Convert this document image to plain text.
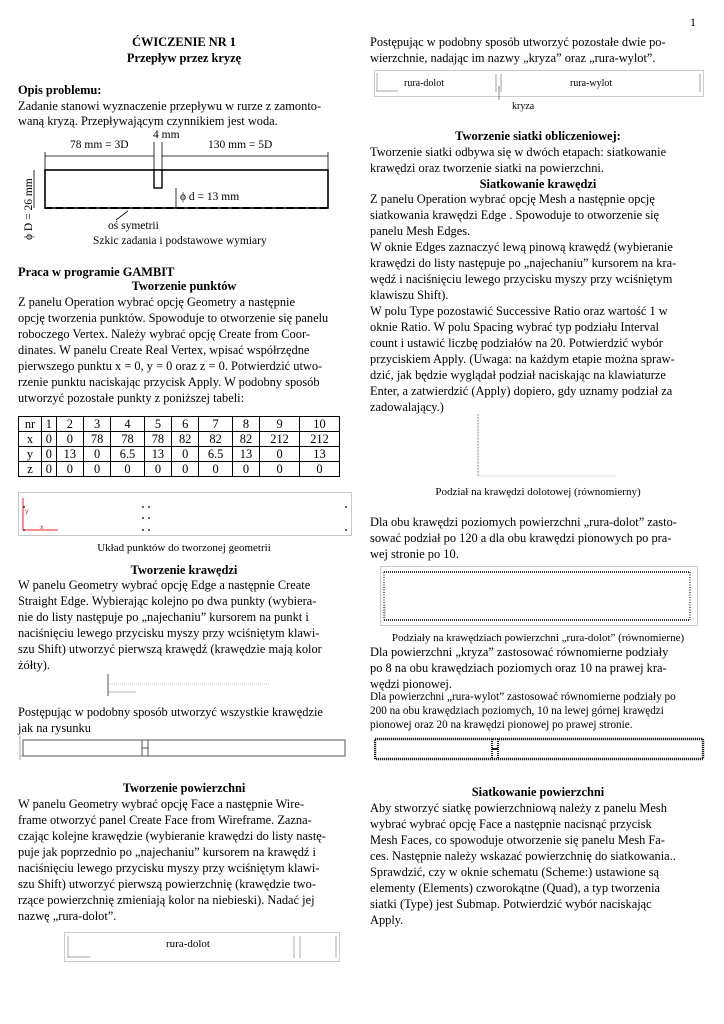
1

ĆWICZENIE NR 1

Przepływ przez kryzę

Opis problemu:

Zadanie stanowi wyznaczenie przepływu w rurze z zamonto-

waną kryzą. Przepływającym czynnikiem jest woda.

4 mm
78 mm = 3D	130 mm = 5D
ϕ D = 26 mm	ϕ d = 13 mm
oś symetrii
Szkic zadania i podstawowe wymiary

Praca w programie GAMBIT

Tworzenie punktów

Z panelu Operation wybrać opcję Geometry a następnie

opcję tworzenia punktów. Spowoduje to otworzenie się panelu

roboczego Vertex. Należy wybrać opcję Create from Coor-

dinates. W panelu Create Real Vertex, wpisać współrzędne

pierwszego punktu x = 0, y = 0 oraz z = 0. Potwierdzić utwo-

rzenie punktu naciskając przycisk Apply. W podobny sposób

utworzyć pozostałe punkty z poniższej tabeli:

nr	1	2	3	4	5	6	7	8	9	10
x	0	0	78	78	78	82	82	82	212	212
y	0	13	0	6.5	13	0	6.5	13	0	13
z	0	0	0	0	0	0	0	0	0	0
y
x
Układ punktów do tworzonej geometrii

Tworzenie krawędzi

W panelu Geometry wybrać opcję Edge a następnie Create

Straight Edge. Wybierając kolejno po dwa punkty (wybiera-

nie do listy następuje po „najechaniu” kursorem na punkt i

naciśnięciu lewego przycisku myszy przy wciśniętym klawi-

szu Shift) utworzyć pierwszą krawędź (krawędzie mają kolor

żółty).

Postępując w podobny sposób utworzyć wszystkie krawędzie

jak na rysunku

Tworzenie powierzchni

W panelu Geometry wybrać opcję Face a następnie Wire-

frame otworzyć panel Create Face from Wireframe. Zazna-

czając kolejne krawędzie (wybieranie krawędzi do listy nastę-

puje jak poprzednio po „najechaniu” kursorem na krawędź i

naciśnięciu lewego przycisku myszy przy wciśniętym klawi-

szu Shift) utworzyć pierwszą powierzchnię (krawędzie two-

rzące powierzchnię zmieniają kolor na niebieski). Nadać jej

nazwę „rura-dolot”.

rura-dolot

Postępując w podobny sposób utworzyć pozostałe dwie po-

wierzchnie, nadając im nazwy „kryza” oraz „rura-wylot”.

rura-dolot	rura-wylot
kryza

Tworzenie siatki obliczeniowej:

Tworzenie siatki odbywa się w dwóch etapach: siatkowanie

krawędzi oraz tworzenie siatki na powierzchni.

Siatkowanie krawędzi

Z panelu Operation wybrać opcję Mesh a następnie opcję

siatkowania krawędzi Edge . Spowoduje to otworzenie się

panelu Mesh Edges.

W oknie Edges zaznaczyć lewą pinową krawędź (wybieranie

krawędzi do listy następuje po „najechaniu” kursorem na kra-

wędź i naciśnięciu lewego przycisku myszy przy wciśniętym

klawiszu Shift).

W polu Type pozostawić Successive Ratio oraz wartość 1 w

oknie Ratio. W polu Spacing wybrać typ podziału Interval

count i ustawić liczbę podziałów na 20. Potwierdzić wybór

przyciskiem Apply. (Uwaga: na każdym etapie można spraw-

dzić, jak będzie wyglądał podział naciskając na klawiaturze

Enter, a zatwierdzić (Apply) dopiero, gdy uznamy podział za

zadowalający.)

Podział na krawędzi dolotowej (równomierny)

Dla obu krawędzi poziomych powierzchni „rura-dolot” zasto-

sować podział po 120 a dla obu krawędzi pionowych po pra-

wej stronie po 10.

Podziały na krawędziach powierzchni „rura-dolot” (równomierne)

Dla powierzchni „kryza” zastosować równomierne podziały

po 8 na obu krawędziach poziomych oraz 10 na prawej kra-

wędzi pionowej.

Dla powierzchni „rura-wylot” zastosować równomierne podziały po

200 na obu krawędziach poziomych, 10 na lewej górnej krawędzi

pionowej oraz 20 na krawędzi pionowej po prawej stronie.

Siatkowanie powierzchni

Aby stworzyć siatkę powierzchniową należy z panelu Mesh

wybrać wybrać opcję Face a następnie nacisnąć przycisk

Mesh Faces, co spowoduje otworzenie się panelu Mesh Fa-

ces. Następnie należy wskazać powierzchnię do siatkowania..

Sprawdzić, czy w oknie schematu (Scheme:) ustawione są

elementy (Elements) czworokątne (Quad), a typ tworzenia

siatki (Type) jest Submap. Potwierdzić wybór naciskając

Apply.
